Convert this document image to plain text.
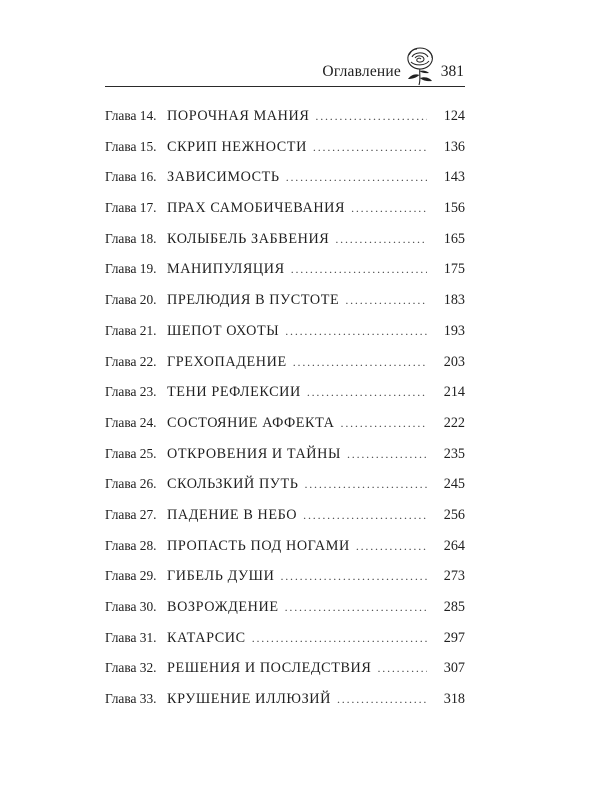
Оглавление	381
Глава 14. ПОРОЧНАЯ МАНИЯ . . .	124
Глава 15. СКРИП НЕЖНОСТИ . . .	136
Глава 16. ЗАВИСИМОСТЬ . . .	143
Глава 17. ПРАХ САМОБИЧЕВАНИЯ . . .	156
Глава 18. КОЛЫБЕЛЬ ЗАБВЕНИЯ . . .	165
Глава 19. МАНИПУЛЯЦИЯ . . .	175
Глава 20. ПРЕЛЮДИЯ В ПУСТОТЕ . . .	183
Глава 21. ШЕПОТ ОХОТЫ . . .	193
Глава 22. ГРЕХОПАДЕНИЕ . . .	203
Глава 23. ТЕНИ РЕФЛЕКСИИ . . .	214
Глава 24. СОСТОЯНИЕ АФФЕКТА . . .	222
Глава 25. ОТКРОВЕНИЯ И ТАЙНЫ . . .	235
Глава 26. СКОЛЬЗКИЙ ПУТЬ . . .	245
Глава 27. ПАДЕНИЕ В НЕБО . . .	256
Глава 28. ПРОПАСТЬ ПОД НОГАМИ . . .	264
Глава 29. ГИБЕЛЬ ДУШИ . . .	273
Глава 30. ВОЗРОЖДЕНИЕ . . .	285
Глава 31. КАТАРСИС . . .	297
Глава 32. РЕШЕНИЯ И ПОСЛЕДСТВИЯ . . .	307
Глава 33. КРУШЕНИЕ ИЛЛЮЗИЙ . . .	318
